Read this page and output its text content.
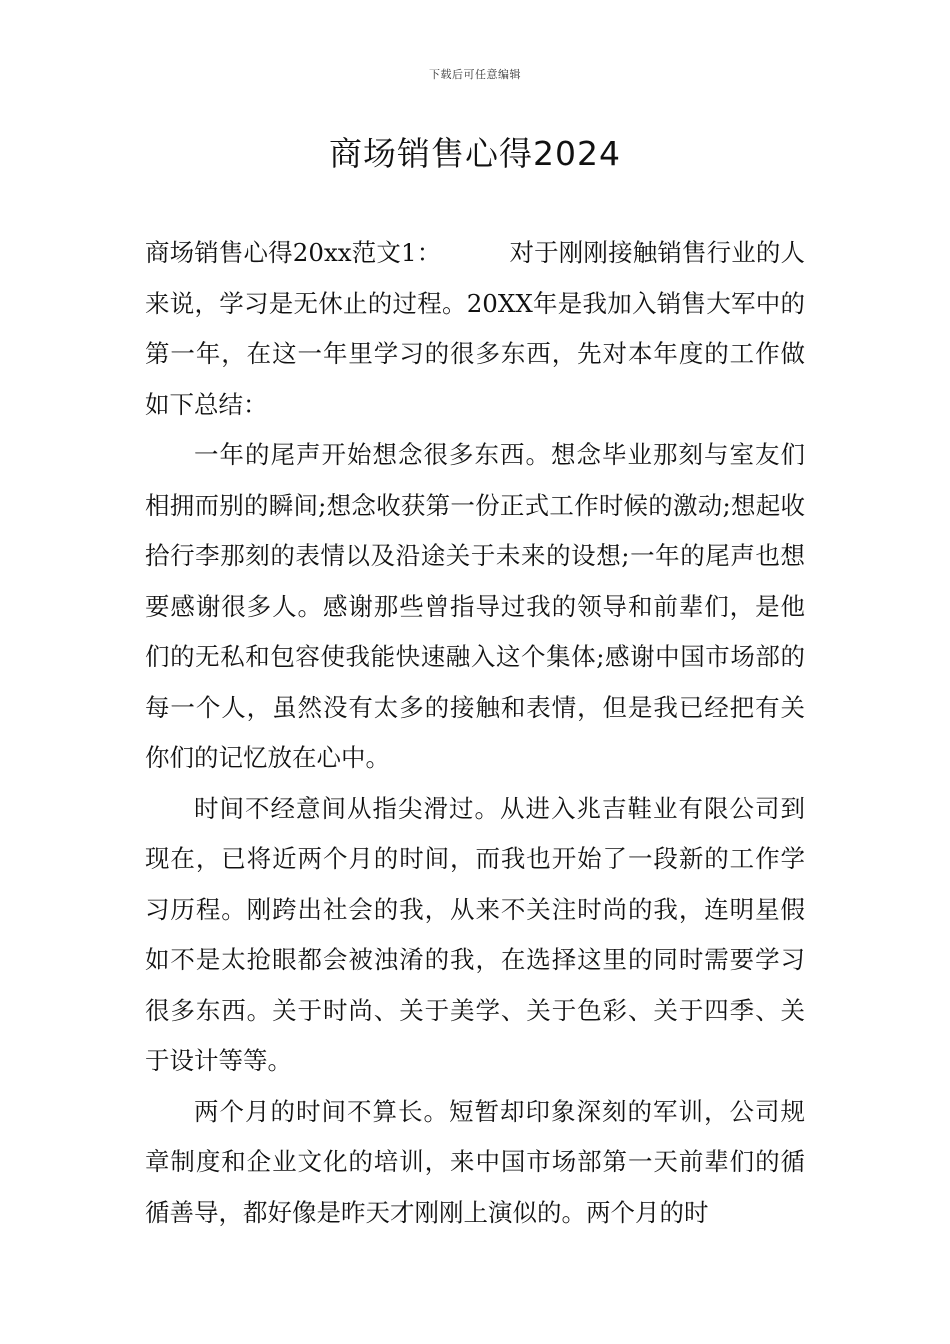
下载后可任意编辑
商场销售心得2024

商场销售心得20xx范文1：	对于刚刚接触销售行业的人来说，学习是无休止的过程。20XX年是我加入销售大军中的第一年，在这一年里学习的很多东西，先对本年度的工作做如下总结：

一年的尾声开始想念很多东西。想念毕业那刻与室友们相拥而别的瞬间;想念收获第一份正式工作时候的激动;想起收拾行李那刻的表情以及沿途关于未来的设想;一年的尾声也想要感谢很多人。感谢那些曾指导过我的领导和前辈们，是他们的无私和包容使我能快速融入这个集体;感谢中国市场部的每一个人，虽然没有太多的接触和表情，但是我已经把有关你们的记忆放在心中。

时间不经意间从指尖滑过。从进入兆吉鞋业有限公司到现在，已将近两个月的时间，而我也开始了一段新的工作学习历程。刚跨出社会的我，从来不关注时尚的我，连明星假如不是太抢眼都会被浊淆的我，在选择这里的同时需要学习很多东西。关于时尚、关于美学、关于色彩、关于四季、关于设计等等。

两个月的时间不算长。短暂却印象深刻的军训，公司规章制度和企业文化的培训，来中国市场部第一天前辈们的循循善导，都好像是昨天才刚刚上演似的。两个月的时
